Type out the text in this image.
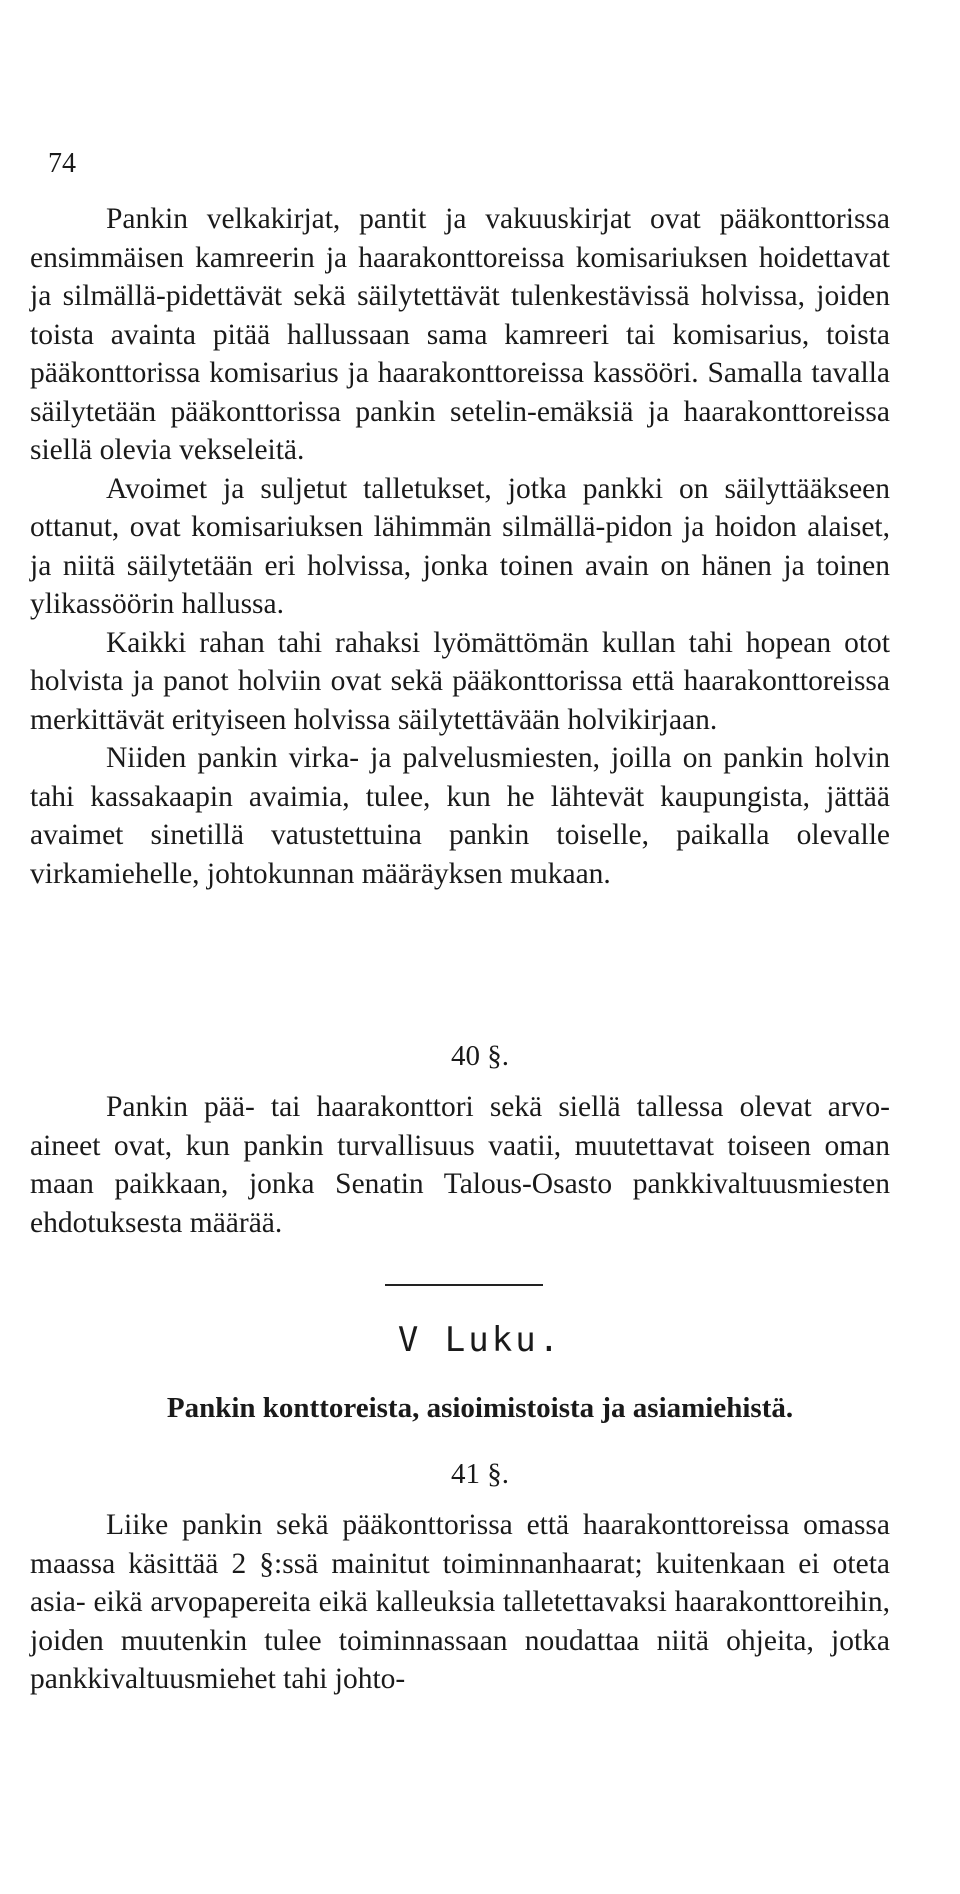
74

Pankin velkakirjat, pantit ja vakuuskirjat ovat pääkonttorissa ensimmäisen kamreerin ja haarakonttoreissa komisariuksen hoidettavat ja silmällä-pidettävät sekä säilytettävät tulenkestävissä holvissa, joiden toista avainta pitää hallussaan sama kamreeri tai komisarius, toista pääkonttorissa komisarius ja haarakonttoreissa kassööri. Samalla tavalla säilytetään pääkonttorissa pankin setelin-emäksiä ja haarakonttoreissa siellä olevia vekseleitä.

Avoimet ja suljetut talletukset, jotka pankki on säilyttääkseen ottanut, ovat komisariuksen lähimmän silmällä-pidon ja hoidon alaiset, ja niitä säilytetään eri holvissa, jonka toinen avain on hänen ja toinen ylikassöörin hallussa.

Kaikki rahan tahi rahaksi lyömättömän kullan tahi hopean otot holvista ja panot holviin ovat sekä pääkonttorissa että haarakonttoreissa merkittävät erityiseen holvissa säilytettävään holvikirjaan.

Niiden pankin virka- ja palvelusmiesten, joilla on pankin holvin tahi kassakaapin avaimia, tulee, kun he lähtevät kaupungista, jättää avaimet sinetillä vatustettuina pankin toiselle, paikalla olevalle virkamiehelle, johtokunnan määräyksen mukaan.

40 §.

Pankin pää- tai haarakonttori sekä siellä tallessa olevat arvo-aineet ovat, kun pankin turvallisuus vaatii, muutettavat toiseen oman maan paikkaan, jonka Senatin Talous-Osasto pankkivaltuusmiesten ehdotuksesta määrää.

V Luku.
Pankin konttoreista, asioimistoista ja asiamiehistä.
41 §.

Liike pankin sekä pääkonttorissa että haarakonttoreissa omassa maassa käsittää 2 §:ssä mainitut toiminnanhaarat; kuitenkaan ei oteta asia- eikä arvopapereita eikä kalleuksia talletettavaksi haarakonttoreihin, joiden muutenkin tulee toiminnassaan noudattaa niitä ohjeita, jotka pankkivaltuusmiehet tahi johto-
